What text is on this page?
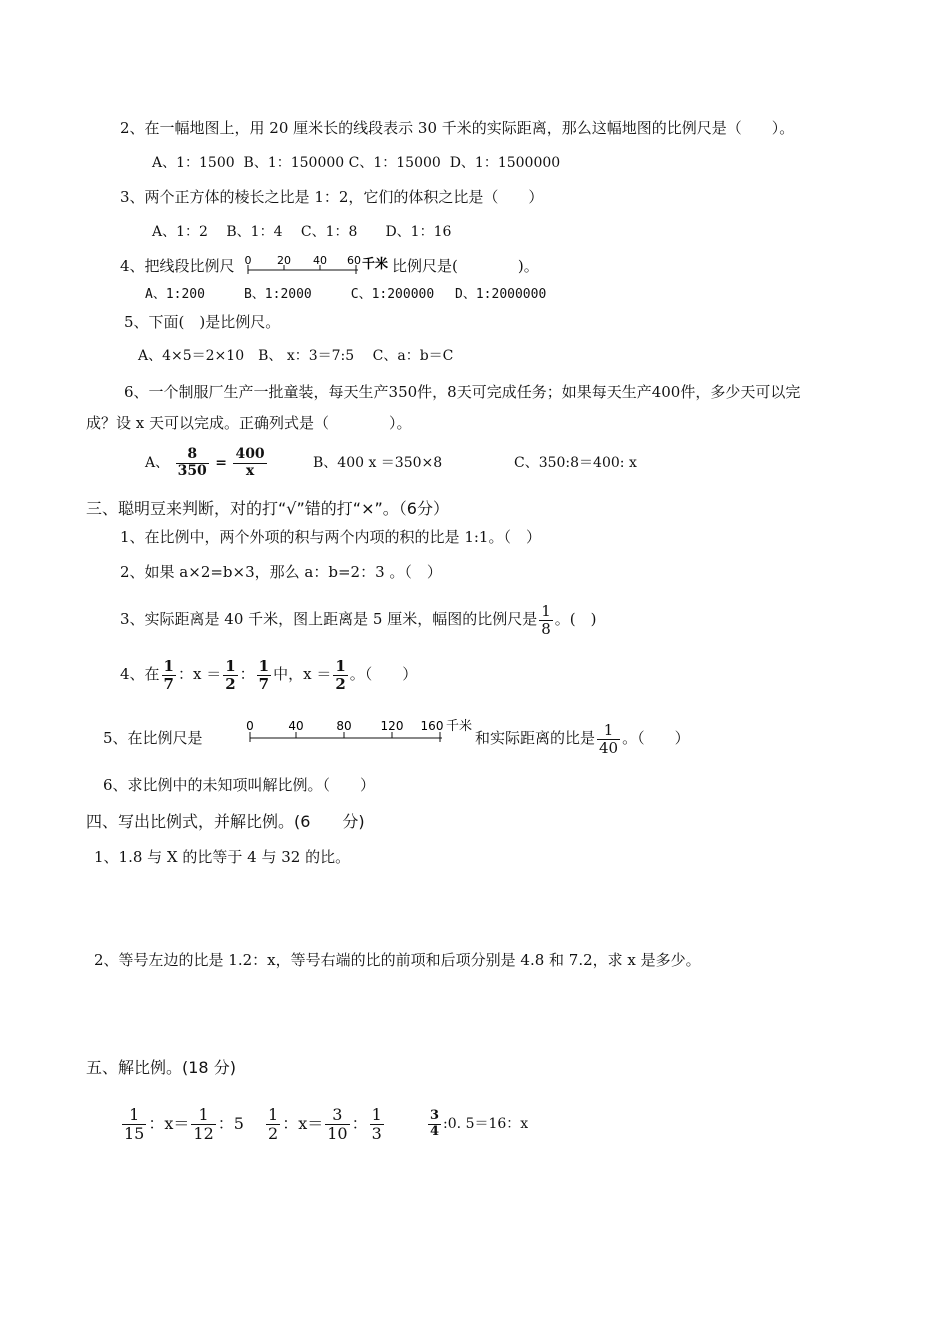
2、在一幅地图上，用 20 厘米长的线段表示 30 千米的实际距离，那么这幅地图的比例尺是（　　）。
A、1：1500  B、1：150000 C、1：15000  D、1：1500000
3、两个正方体的棱长之比是 1：2，它们的体积之比是（　　）
A、1：2　 B、1：4　 C、1：8　　D、1：16
4、把线段比例尺 0 20 40 60 千米 比例尺是(　　　　)。
A、1:200　　　B、1:2000　　　C、1:200000　 D、1:2000000
5、下面(　)是比例尺。
A、4×5＝2×10　B、 x：3＝7:5　 C、a：b＝C
6、一个制服厂生产一批童装，每天生产350件，8天可完成任务；如果每天生产400件，多少天可以完
成？设 x 天可以完成。正确列式是（　　　　）。
A、 $\frac{8}{350} = \frac{400}{x}$	B、400 x ＝350×8	C、350:8＝400: x
三、聪明豆来判断，对的打“√”错的打“×”。（6分）
1、在比例中，两个外项的积与两个内项的积的比是 1:1。（　）
2、如果 a×2=b×3，那么 a：b=2：3 。（　）
3、实际距离是 40 千米，图上距离是 5 厘米，幅图的比例尺是 $\frac{1}{8}$ 。(　)
4、在 $\frac{1}{7}$ ：$x = \frac{1}{2}$ ： $\frac{1}{7}$ 中，$x = \frac{1}{2}$ 。（　　）
5、在比例尺是
0	40	80 120 160 千米
和实际距离的比是 $\frac{1}{40}$ 。（　　）
6、求比例中的未知项叫解比例。（　　）
四、写出比例式，并解比例。(6　　分)
1、1.8 与 X 的比等于 4 与 32 的比。
2、等号左边的比是 1.2：x，等号右端的比的前项和后项分别是 4.8 和 7.2，求 x 是多少。
五、解比例。(18 分)
$\frac{1}{15}$ ：$x= \frac{1}{12}$ ：$5 \frac{1}{2}$ ：$x= \frac{3}{10}$ ： $\frac{1}{3}$	$\frac{3}{4}$ :0. 5＝16：x
